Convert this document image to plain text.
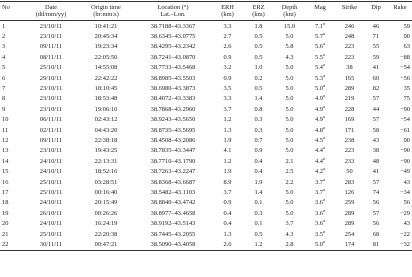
No	Date	Origin time	Location (°)	ERH	ERZ	Depth	Mag	Strike	Dip	Rake
	(dd/mm/yy)	(hr:mm:s)	Lat.–Lon.	(km)	(km)	(km)				
1	23/10/11	10:41:21	38.7188–43.3367	3.3	1.8	15.0	7.1$^a$	246	46	59
2	23/10/11	20:45:34	38.6345–43.0775	2.7	0.5	5.0	5.7$^a$	248	71	90
3	09/11/11	19:23:34	38.4295–43.2342	2.6	0.5	5.8	5.6$^a$	223	55	63
4	08/11/11	22:05:50	38.7241–43.0870	0.9	0.5	4.3	5.5$^a$	223	59	−88
5	25/10/11	14:55:08	38.7733–43.5468	3.2	1.0	5.0	5.4$^a$	38	41	−54
6	29/10/11	22:42:22	38.8985–43.5503	0.9	0.2	5.0	5.3$^a$	165	60	−56
7	23/10/11	18:10:45	38.6980–43.3873	3.5	0.5	5.0	5.0$^a$	289	82	35
8	23/10/11	18:53:48	38.4072–43.3383	3.3	1.4	5.0	4.9$^a$	219	57	75
9	23/10/11	19:06:10	38.7868–43.2960	3.7	0.8	5.0	4.9$^a$	228	44	−90
10	06/11/11	02:43:12	38.9243–43.5650	1.2	0.3	5.0	4.9$^a$	169	57	−54
11	02/11/11	04:43:20	38.8735–43.5695	1.3	0.3	5.0	4.8$^a$	171	58	−61
12	09/11/11	22:38:18	38.4508–43.2086	1.9	0.7	5.0	4.5$^a$	238	43	90
13	23/10/11	19:43:25	38.7835–43.3447	4.1	0.9	5.0	4.4$^a$	223	38	−90
14	24/10/11	22:13:31	38.7710–43.1790	1.2	0.4	2.1	4.4$^a$	233	48	−90
15	24/10/11	18:52:16	38.7263–43.2247	1.9	0.4	2.5	4.2$^a$	50	41	−49
16	25/10/11	03:28:51	38.8368–43.6687	8.9	1.9	2.2	3.7$^a$	283	57	43
17	25/10/11	00:16:40	38.5482–43.1103	3.7	1.4	5.0	3.7$^a$	126	74	−34
18	24/10/11	20:15:49	38.8840–43.4742	0.9	0.1	5.0	3.6$^a$	259	56	56
19	26/10/11	00:26:26	38.8977–43.4658	0.4	0.3	5.0	3.6$^a$	289	57	−29
20	24/10/11	16:24:19	38.9192–43.5143	0.4	0.1	3.7	3.6$^a$	289	56	43
21	25/10/11	22:20:38	38.7445–43.2055	1.3	0.5	4.3	3.5$^a$	254	68	−22
22	30/11/11	00:47:21	38.5090–43.4058	2.6	1.2	2.8	5.0$^a$	174	81	−32
